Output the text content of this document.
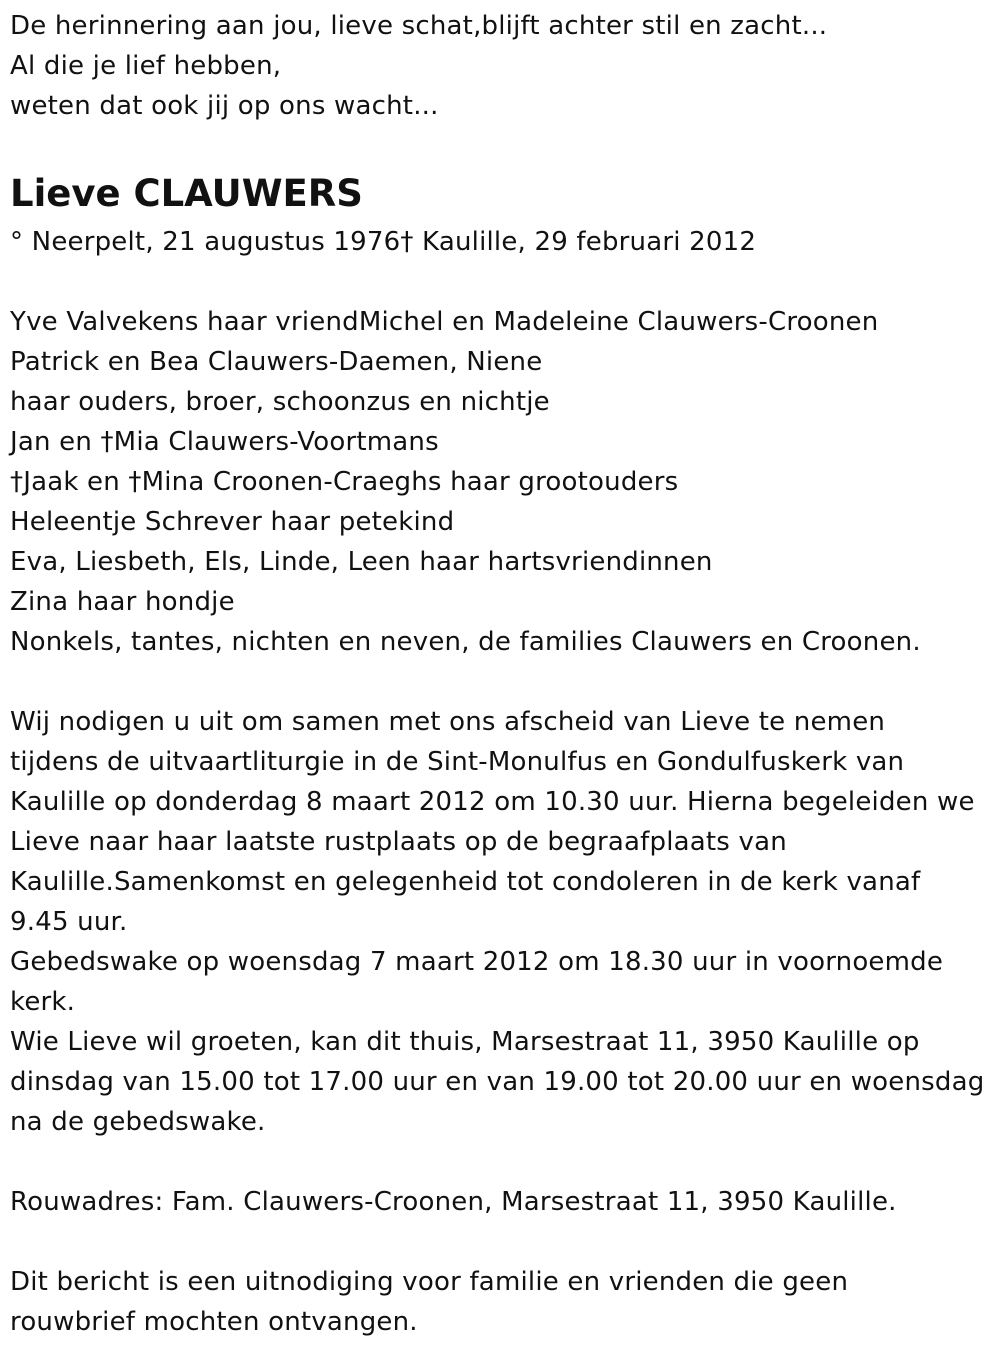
De herinnering aan jou, lieve schat,blijft achter stil en zacht...
Al die je lief hebben,
weten dat ook jij op ons wacht...
Lieve CLAUWERS
° Neerpelt, 21 augustus 1976† Kaulille, 29 februari 2012
Yve Valvekens haar vriendMichel en Madeleine Clauwers-Croonen
Patrick en Bea Clauwers-Daemen, Niene
haar ouders, broer, schoonzus en nichtje
Jan en †Mia Clauwers-Voortmans
†Jaak en †Mina Croonen-Craeghs haar grootouders
Heleentje Schrever haar petekind
Eva, Liesbeth, Els, Linde, Leen haar hartsvriendinnen
Zina haar hondje
Nonkels, tantes, nichten en neven, de families Clauwers en Croonen.
Wij nodigen u uit om samen met ons afscheid van Lieve te nemen
tijdens de uitvaartliturgie in de Sint-Monulfus en Gondulfuskerk van
Kaulille op donderdag 8 maart 2012 om 10.30 uur. Hierna begeleiden we
Lieve naar haar laatste rustplaats op de begraafplaats van
Kaulille.Samenkomst en gelegenheid tot condoleren in de kerk vanaf
9.45 uur.
Gebedswake op woensdag 7 maart 2012 om 18.30 uur in voornoemde
kerk.
Wie Lieve wil groeten, kan dit thuis, Marsestraat 11, 3950 Kaulille op
dinsdag van 15.00 tot 17.00 uur en van 19.00 tot 20.00 uur en woensdag
na de gebedswake.
Rouwadres: Fam. Clauwers-Croonen, Marsestraat 11, 3950 Kaulille.
Dit bericht is een uitnodiging voor familie en vrienden die geen
rouwbrief mochten ontvangen.
